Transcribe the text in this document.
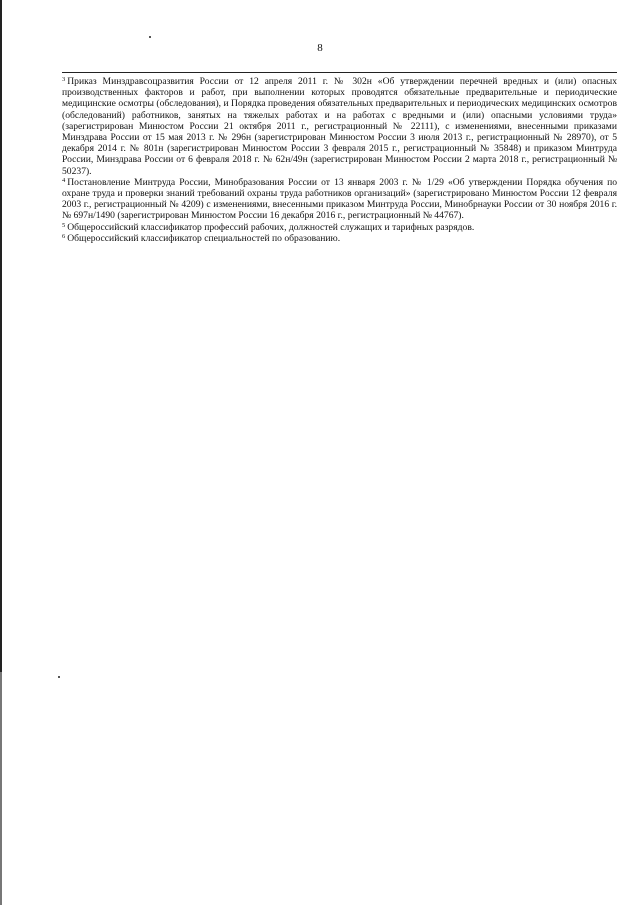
8

$^3$ Приказ Минздравсоцразвития России от 12 апреля 2011 г. № 302н «Об утверждении перечней вредных и (или) опасных производственных факторов и работ, при выполнении которых проводятся обязательные предварительные и периодические медицинские осмотры (обследования), и Порядка проведения обязательных предварительных и периодических медицинских осмотров (обследований) работников, занятых на тяжелых работах и на работах с вредными и (или) опасными условиями труда» (зарегистрирован Минюстом России 21 октября 2011 г., регистрационный № 22111), с изменениями, внесенными приказами Минздрава России от 15 мая 2013 г. № 296н (зарегистрирован Минюстом России 3 июля 2013 г., регистрационный № 28970), от 5 декабря 2014 г. № 801н (зарегистрирован Минюстом России 3 февраля 2015 г., регистрационный № 35848) и приказом Минтруда России, Минздрава России от 6 февраля 2018 г. № 62н/49н (зарегистрирован Минюстом России 2 марта 2018 г., регистрационный № 50237).

$^4$ Постановление Минтруда России, Минобразования России от 13 января 2003 г. № 1/29 «Об утверждении Порядка обучения по охране труда и проверки знаний требований охраны труда работников организаций» (зарегистрировано Минюстом России 12 февраля 2003 г., регистрационный № 4209) с изменениями, внесенными приказом Минтруда России, Минобрнауки России от 30 ноября 2016 г. № 697н/1490 (зарегистрирован Минюстом России 16 декабря 2016 г., регистрационный № 44767).

$^5$ Общероссийский классификатор профессий рабочих, должностей служащих и тарифных разрядов.

$^6$ Общероссийский классификатор специальностей по образованию.
